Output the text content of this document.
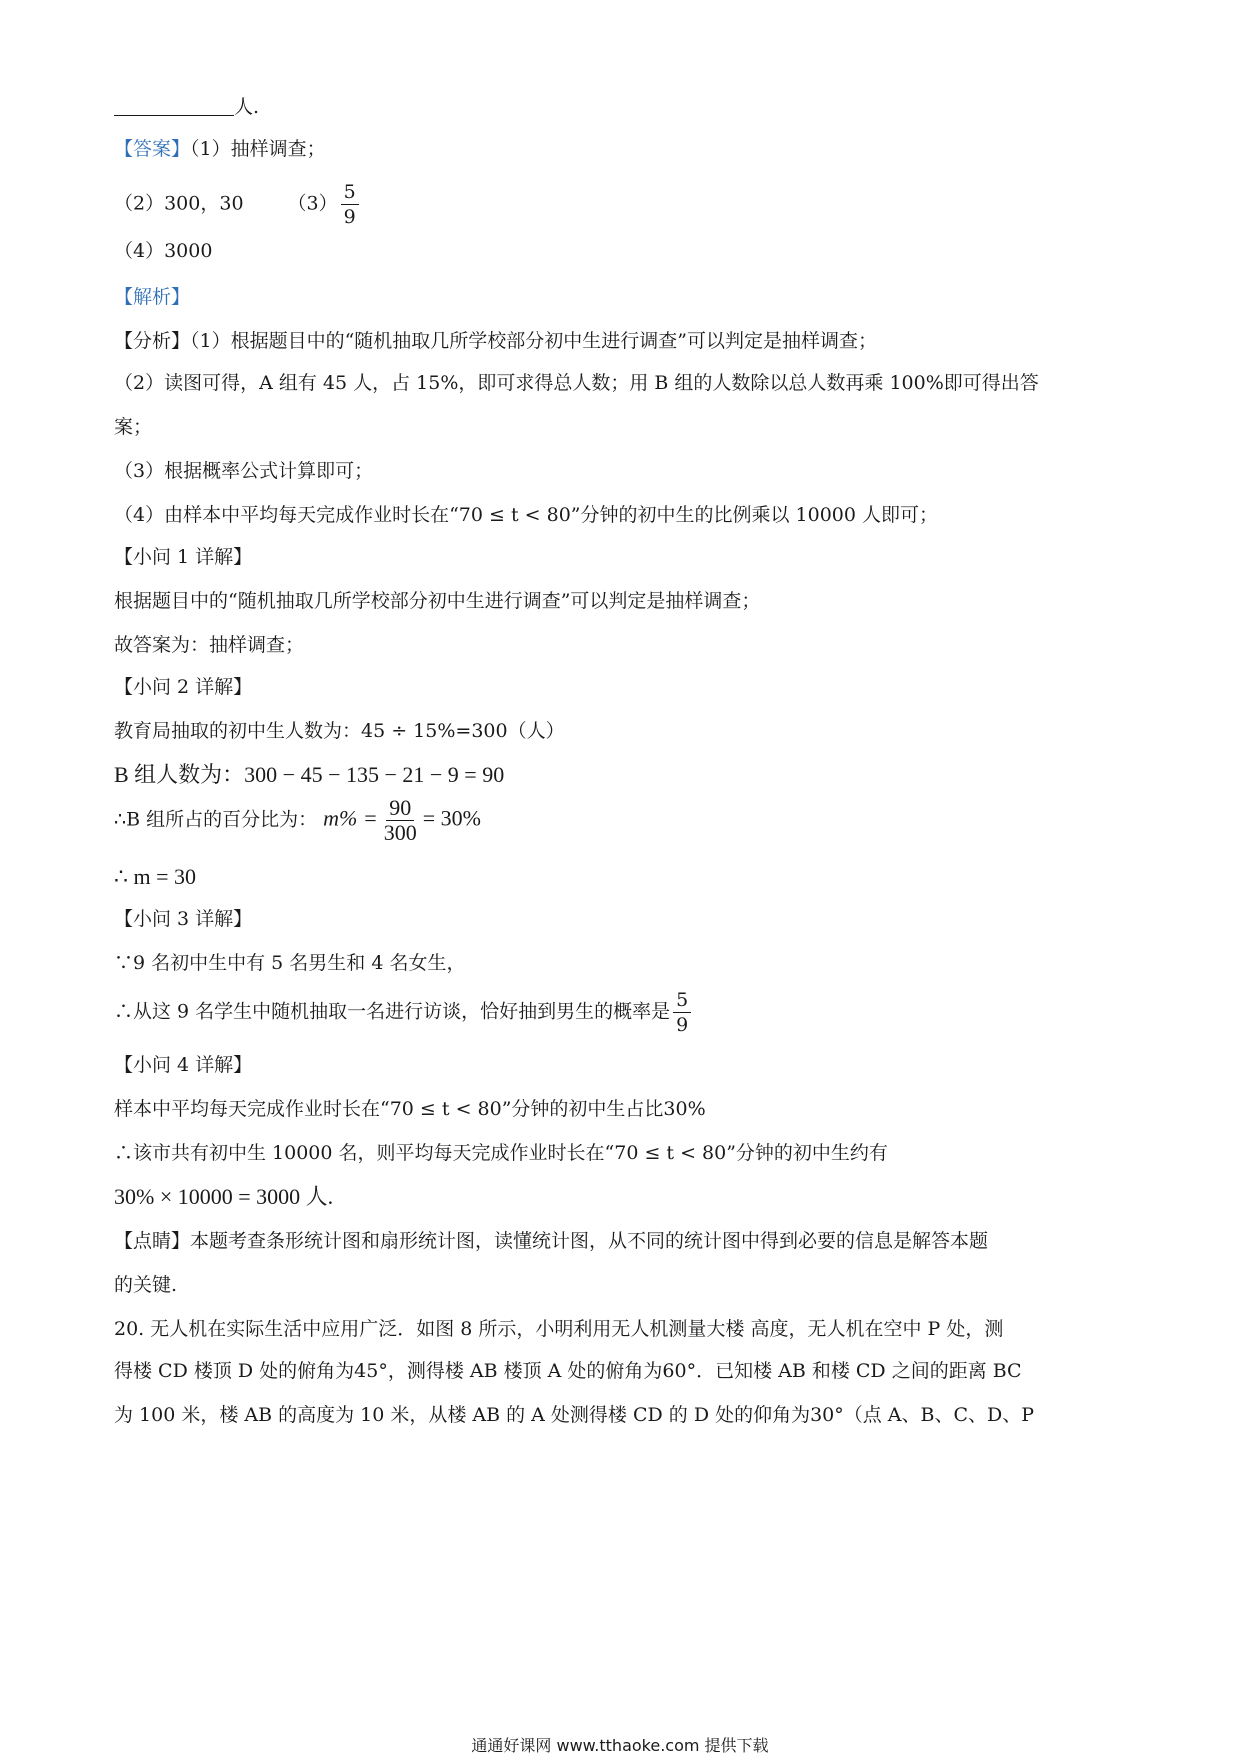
人.
【答案】（1）抽样调查；
（2）300，30 $(3) \frac{5}{9}$
（4）3000
【解析】
【分析】（1）根据题目中的“随机抽取几所学校部分初中生进行调查”可以判定是抽样调查；
（2）读图可得，A 组有 45 人，占 15%，即可求得总人数；用 B 组的人数除以总人数再乘 100%即可得出答
案；
（3）根据概率公式计算即可；
（4）由样本中平均每天完成作业时长在“70 ≤ t < 80”分钟的初中生的比例乘以 10000 人即可；
【小问 1 详解】
根据题目中的“随机抽取几所学校部分初中生进行调查”可以判定是抽样调查；
故答案为：抽样调查；
【小问 2 详解】
教育局抽取的初中生人数为：45 ÷ 15%=300（人）
B 组人数为：300 − 45 − 135 − 21 − 9 = 90
∴B 组所占的百分比为： $m\% = \frac{90}{300} = 30\%$
∴ m = 30
【小问 3 详解】
∵9 名初中生中有 5 名男生和 4 名女生，
∴从这 9 名学生中随机抽取一名进行访谈，恰好抽到男生的概率是 $\frac{5}{9}$
【小问 4 详解】
样本中平均每天完成作业时长在“70 ≤ t < 80”分钟的初中生占比30%
∴该市共有初中生 10000 名，则平均每天完成作业时长在“70 ≤ t < 80”分钟的初中生约有
30% × 10000 = 3000 人.
【点睛】本题考查条形统计图和扇形统计图，读懂统计图，从不同的统计图中得到必要的信息是解答本题
的关键.
20. 无人机在实际生活中应用广泛．如图 8 所示，小明利用无人机测量大楼 高度，无人机在空中 P 处，测
得楼 CD 楼顶 D 处的俯角为45°，测得楼 AB 楼顶 A 处的俯角为60°．已知楼 AB 和楼 CD 之间的距离 BC
为 100 米，楼 AB 的高度为 10 米，从楼 AB 的 A 处测得楼 CD 的 D 处的仰角为30°（点 A、B、C、D、P
通通好课网 www.tthaoke.com 提供下载
